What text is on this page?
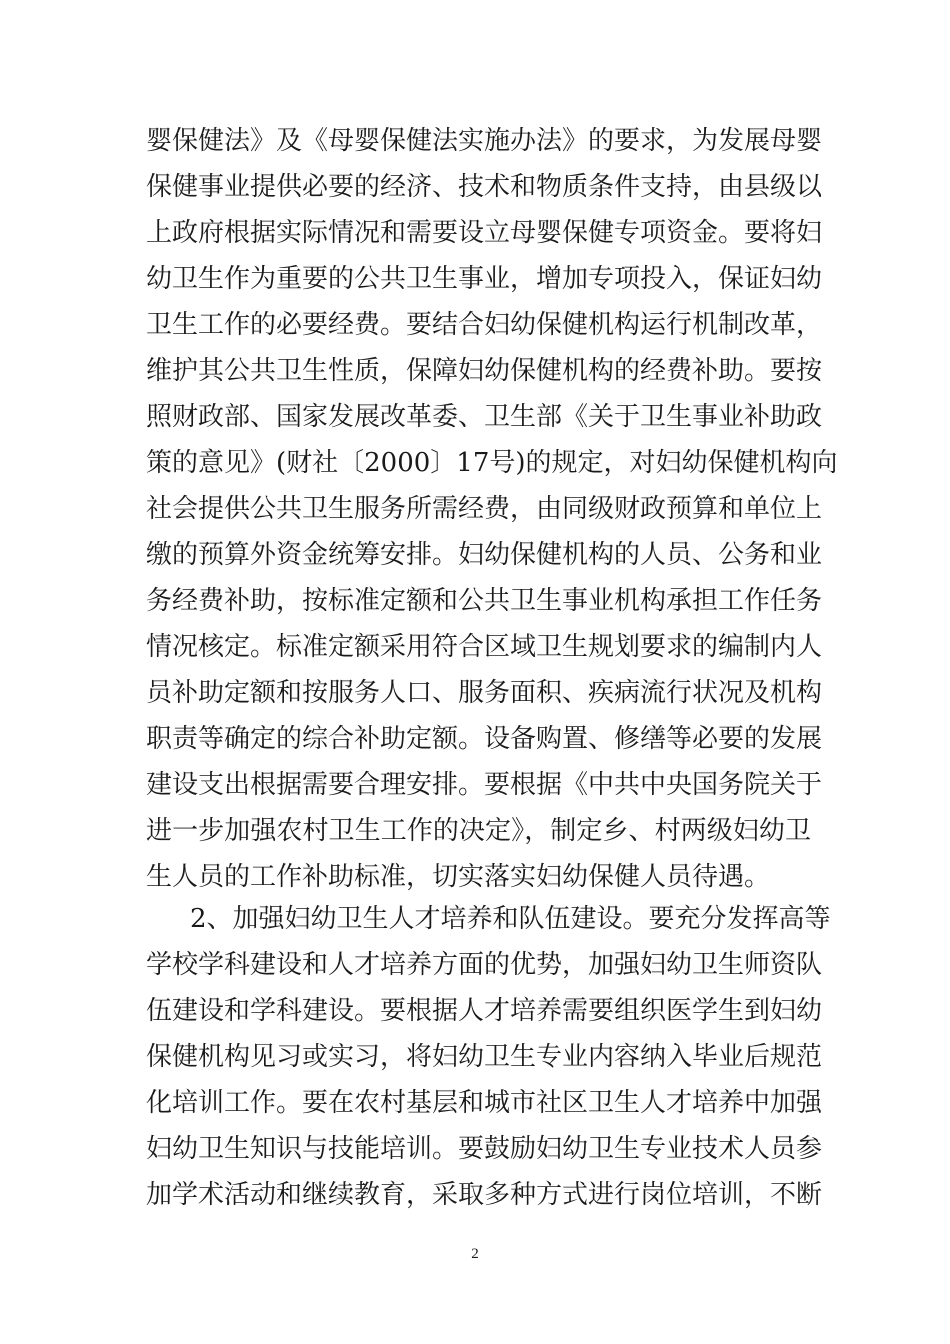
婴保健法》及《母婴保健法实施办法》的要求，为发展母婴
保健事业提供必要的经济、技术和物质条件支持，由县级以
上政府根据实际情况和需要设立母婴保健专项资金。要将妇
幼卫生作为重要的公共卫生事业，增加专项投入，保证妇幼
卫生工作的必要经费。要结合妇幼保健机构运行机制改革，
维护其公共卫生性质，保障妇幼保健机构的经费补助。要按
照财政部、国家发展改革委、卫生部《关于卫生事业补助政
策的意见》(财社〔2000〕17号)的规定，对妇幼保健机构向
社会提供公共卫生服务所需经费，由同级财政预算和单位上
缴的预算外资金统筹安排。妇幼保健机构的人员、公务和业
务经费补助，按标准定额和公共卫生事业机构承担工作任务
情况核定。标准定额采用符合区域卫生规划要求的编制内人
员补助定额和按服务人口、服务面积、疾病流行状况及机构
职责等确定的综合补助定额。设备购置、修缮等必要的发展
建设支出根据需要合理安排。要根据《中共中央国务院关于
进一步加强农村卫生工作的决定》，制定乡、村两级妇幼卫
生人员的工作补助标准，切实落实妇幼保健人员待遇。
2、加强妇幼卫生人才培养和队伍建设。要充分发挥高等
学校学科建设和人才培养方面的优势，加强妇幼卫生师资队
伍建设和学科建设。要根据人才培养需要组织医学生到妇幼
保健机构见习或实习，将妇幼卫生专业内容纳入毕业后规范
化培训工作。要在农村基层和城市社区卫生人才培养中加强
妇幼卫生知识与技能培训。要鼓励妇幼卫生专业技术人员参
加学术活动和继续教育，采取多种方式进行岗位培训，不断
2
